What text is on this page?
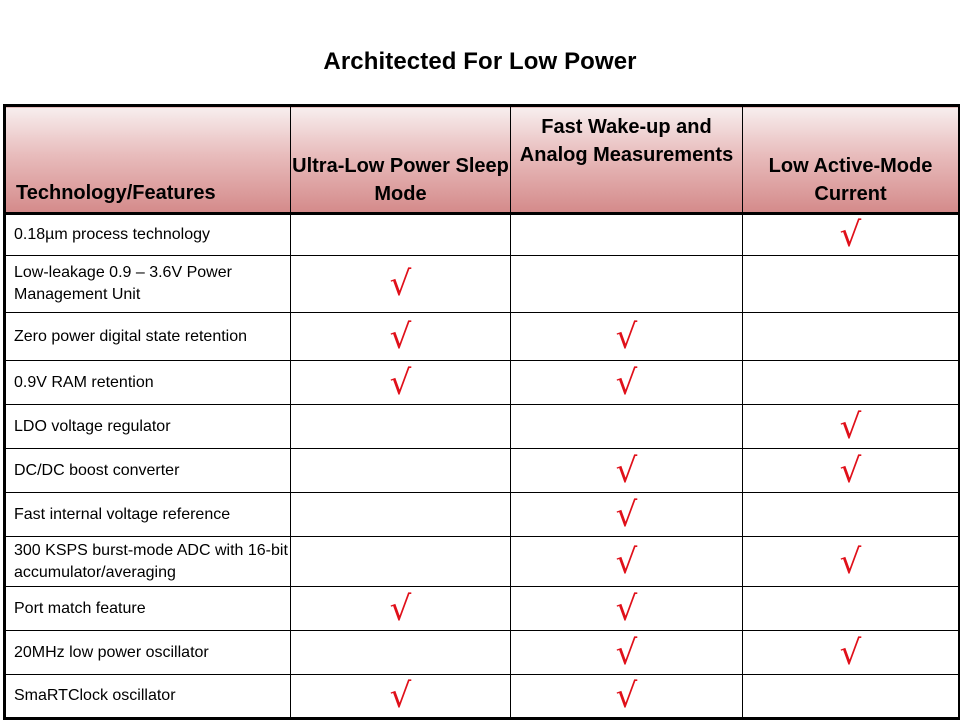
Architected For Low Power
Technology/Features	Ultra-Low Power Sleep Mode	Fast Wake-up and Analog Measurements	Low Active-Mode Current
0.18µm process technology			√
Low-leakage 0.9 – 3.6V Power Management Unit	√		
Zero power digital state retention	√	√	
0.9V RAM retention	√	√	
LDO voltage regulator			√
DC/DC boost converter		√	√
Fast internal voltage reference		√	
300 KSPS burst-mode ADC with 16-bit accumulator/averaging		√	√
Port match feature	√	√	
20MHz low power oscillator		√	√
SmaRTClock oscillator	√	√	
